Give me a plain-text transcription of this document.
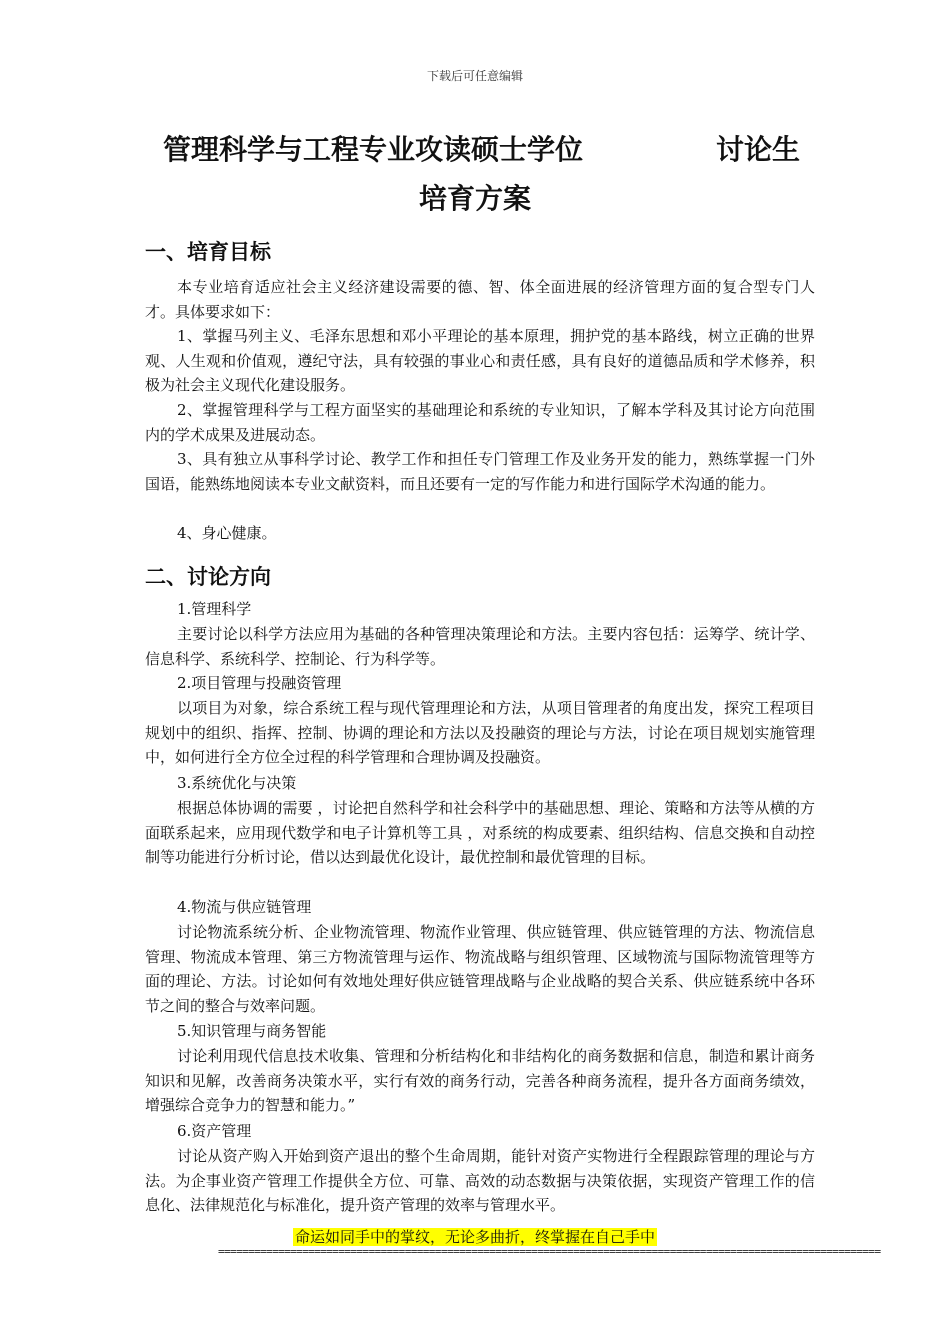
下载后可任意编辑
管理科学与工程专业攻读硕士学位	讨论生
培育方案
一、培育目标

本专业培育适应社会主义经济建设需要的德、智、体全面进展的经济管理方面的复合型专门人才。具体要求如下：

1、掌握马列主义、毛泽东思想和邓小平理论的基本原理，拥护党的基本路线，树立正确的世界观、人生观和价值观，遵纪守法，具有较强的事业心和责任感，具有良好的道德品质和学术修养，积极为社会主义现代化建设服务。

2、掌握管理科学与工程方面坚实的基础理论和系统的专业知识，了解本学科及其讨论方向范围内的学术成果及进展动态。

3、具有独立从事科学讨论、教学工作和担任专门管理工作及业务开发的能力，熟练掌握一门外国语，能熟练地阅读本专业文献资料，而且还要有一定的写作能力和进行国际学术沟通的能力。

4、身心健康。

二、讨论方向
1.管理科学

主要讨论以科学方法应用为基础的各种管理决策理论和方法。主要内容包括：运筹学、统计学、信息科学、系统科学、控制论、行为科学等。

2.项目管理与投融资管理

以项目为对象，综合系统工程与现代管理理论和方法，从项目管理者的角度出发，探究工程项目规划中的组织、指挥、控制、协调的理论和方法以及投融资的理论与方法，讨论在项目规划实施管理中，如何进行全方位全过程的科学管理和合理协调及投融资。

3.系统优化与决策

根据总体协调的需要 ，讨论把自然科学和社会科学中的基础思想、理论、策略和方法等从横的方面联系起来，应用现代数学和电子计算机等工具 ，对系统的构成要素、组织结构、信息交换和自动控制等功能进行分析讨论，借以达到最优化设计，最优控制和最优管理的目标。

4.物流与供应链管理

讨论物流系统分析、企业物流管理、物流作业管理、供应链管理、供应链管理的方法、物流信息管理、物流成本管理、第三方物流管理与运作、物流战略与组织管理、区域物流与国际物流管理等方面的理论、方法。讨论如何有效地处理好供应链管理战略与企业战略的契合关系、供应链系统中各环节之间的整合与效率问题。

5.知识管理与商务智能

讨论利用现代信息技术收集、管理和分析结构化和非结构化的商务数据和信息，制造和累计商务知识和见解，改善商务决策水平，实行有效的商务行动，完善各种商务流程，提升各方面商务绩效，增强综合竞争力的智慧和能力。”

6.资产管理

讨论从资产购入开始到资产退出的整个生命周期，能针对资产实物进行全程跟踪管理的理论与方法。为企事业资产管理工作提供全方位、可靠、高效的动态数据与决策依据，实现资产管理工作的信息化、法律规范化与标准化，提升资产管理的效率与管理水平。

命运如同手中的掌纹，无论多曲折，终掌握在自己手中
==============================================================================================================
